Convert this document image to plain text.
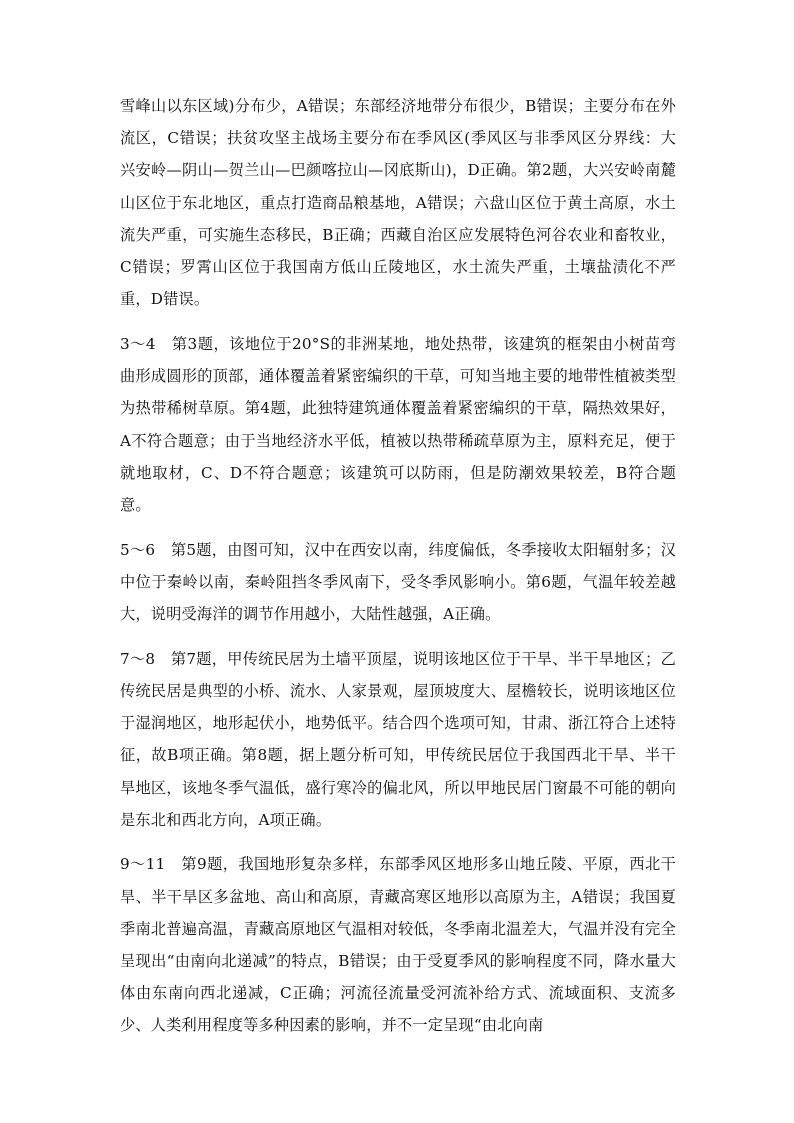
雪峰山以东区域)分布少，A错误；东部经济地带分布很少，B错误；主要分布在外流区，C错误；扶贫攻坚主战场主要分布在季风区(季风区与非季风区分界线：大兴安岭—阴山—贺兰山—巴颜喀拉山—冈底斯山)，D正确。第2题，大兴安岭南麓山区位于东北地区，重点打造商品粮基地，A错误；六盘山区位于黄土高原，水土流失严重，可实施生态移民，B正确；西藏自治区应发展特色河谷农业和畜牧业，C错误；罗霄山区位于我国南方低山丘陵地区，水土流失严重，土壤盐渍化不严重，D错误。

3～4　第3题，该地位于20°S的非洲某地，地处热带，该建筑的框架由小树苗弯曲形成圆形的顶部，通体覆盖着紧密编织的干草，可知当地主要的地带性植被类型为热带稀树草原。第4题，此独特建筑通体覆盖着紧密编织的干草，隔热效果好，A不符合题意；由于当地经济水平低，植被以热带稀疏草原为主，原料充足，便于就地取材，C、D不符合题意；该建筑可以防雨，但是防潮效果较差，B符合题意。

5～6　第5题，由图可知，汉中在西安以南，纬度偏低，冬季接收太阳辐射多；汉中位于秦岭以南，秦岭阻挡冬季风南下，受冬季风影响小。第6题，气温年较差越大，说明受海洋的调节作用越小，大陆性越强，A正确。

7～8　第7题，甲传统民居为土墙平顶屋，说明该地区位于干旱、半干旱地区；乙传统民居是典型的小桥、流水、人家景观，屋顶坡度大、屋檐较长，说明该地区位于湿润地区，地形起伏小，地势低平。结合四个选项可知，甘肃、浙江符合上述特征，故B项正确。第8题，据上题分析可知，甲传统民居位于我国西北干旱、半干旱地区，该地冬季气温低，盛行寒冷的偏北风，所以甲地民居门窗最不可能的朝向是东北和西北方向，A项正确。

9～11　第9题，我国地形复杂多样，东部季风区地形多山地丘陵、平原，西北干旱、半干旱区多盆地、高山和高原，青藏高寒区地形以高原为主，A错误；我国夏季南北普遍高温，青藏高原地区气温相对较低，冬季南北温差大，气温并没有完全呈现出“由南向北递减”的特点，B错误；由于受夏季风的影响程度不同，降水量大体由东南向西北递减，C正确；河流径流量受河流补给方式、流域面积、支流多少、人类利用程度等多种因素的影响，并不一定呈现“由北向南
